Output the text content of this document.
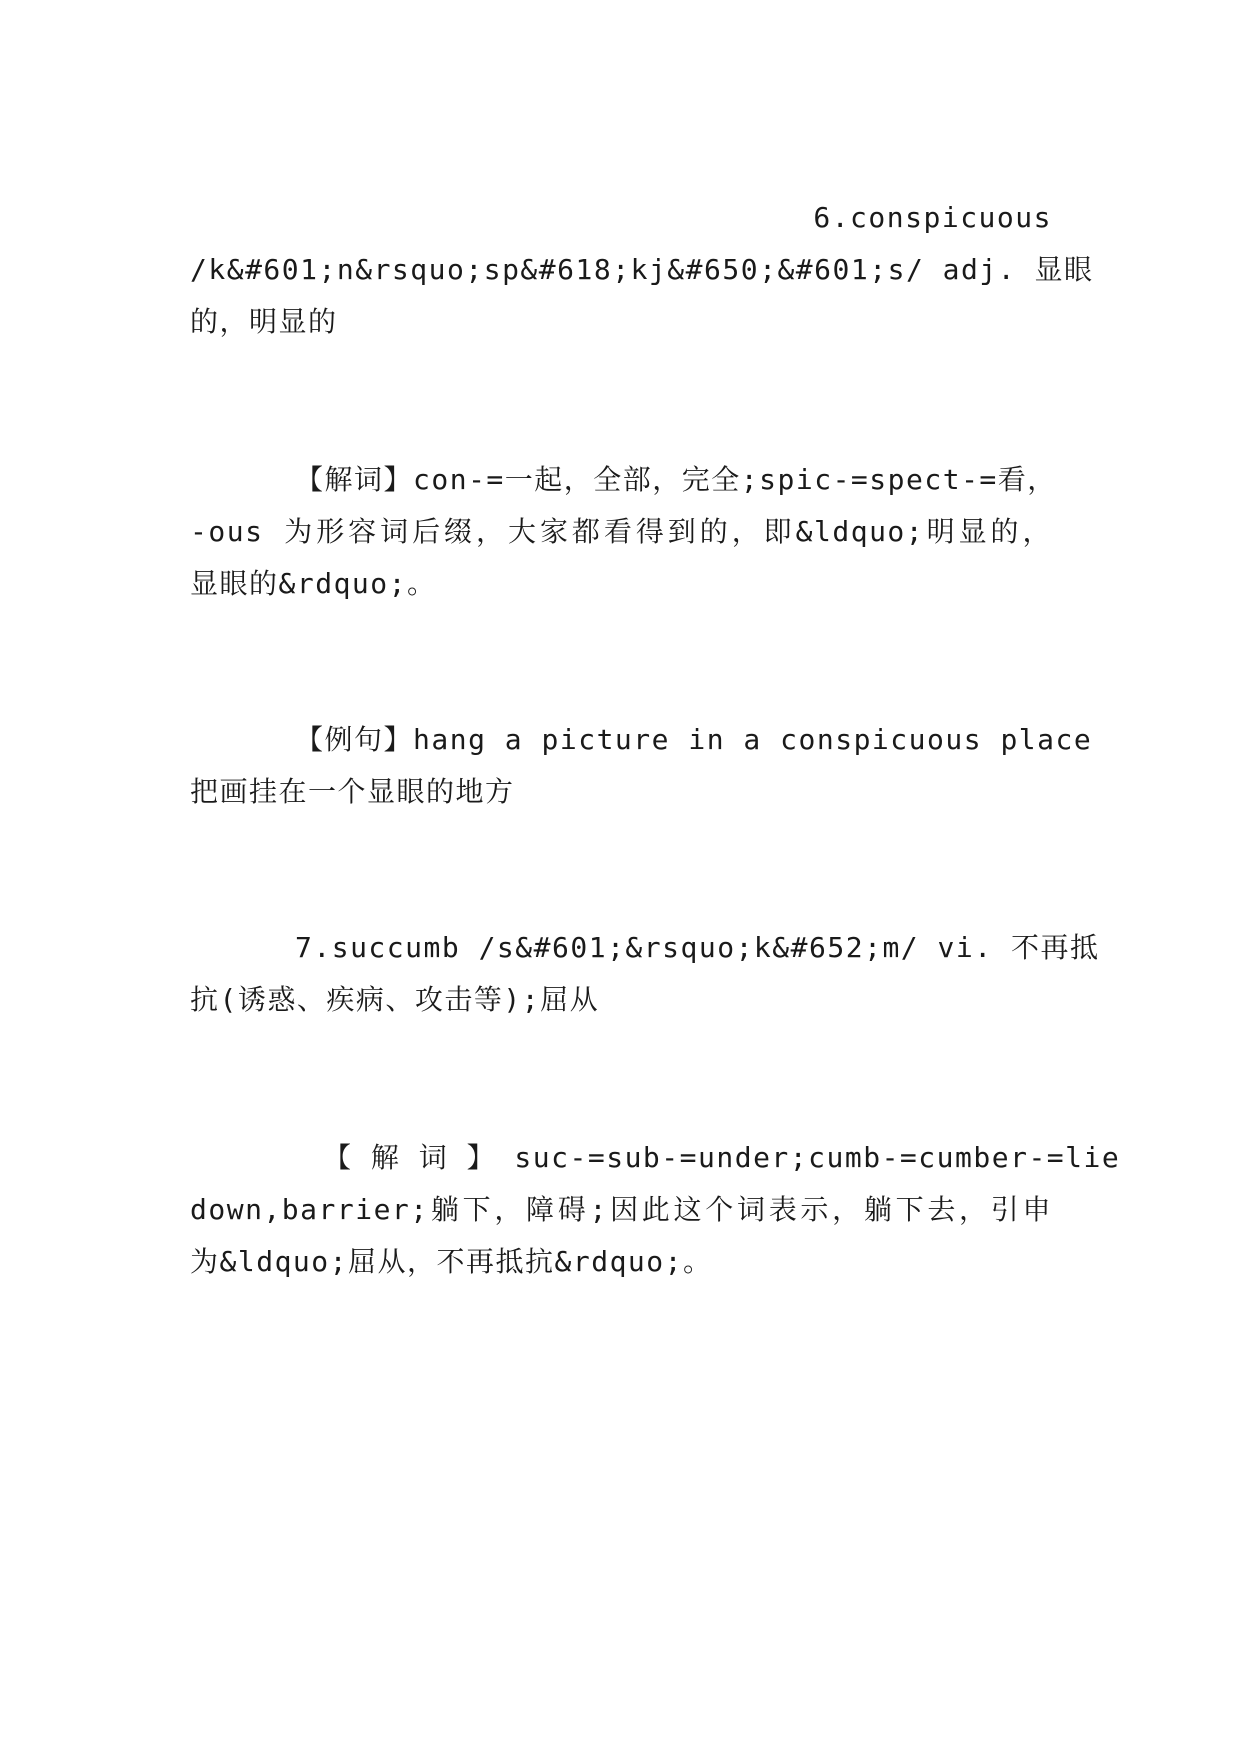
6.conspicuous
/k&#601;n&rsquo;sp&#618;kj&#650;&#601;s/ adj. 显眼
的，明显的
【解词】con-=一起，全部，完全;spic-=spect-=看，
-ous 为形容词后缀，大家都看得到的，即&ldquo;明显的，
显眼的&rdquo;。
【例句】hang a picture in a conspicuous place
把画挂在一个显眼的地方
7.succumb /s&#601;&rsquo;k&#652;m/ vi. 不再抵
抗(诱惑、疾病、攻击等);屈从
【 解 词 】 suc-=sub-=under;cumb-=cumber-=lie
down,barrier;躺下，障碍;因此这个词表示，躺下去，引申
为&ldquo;屈从，不再抵抗&rdquo;。
